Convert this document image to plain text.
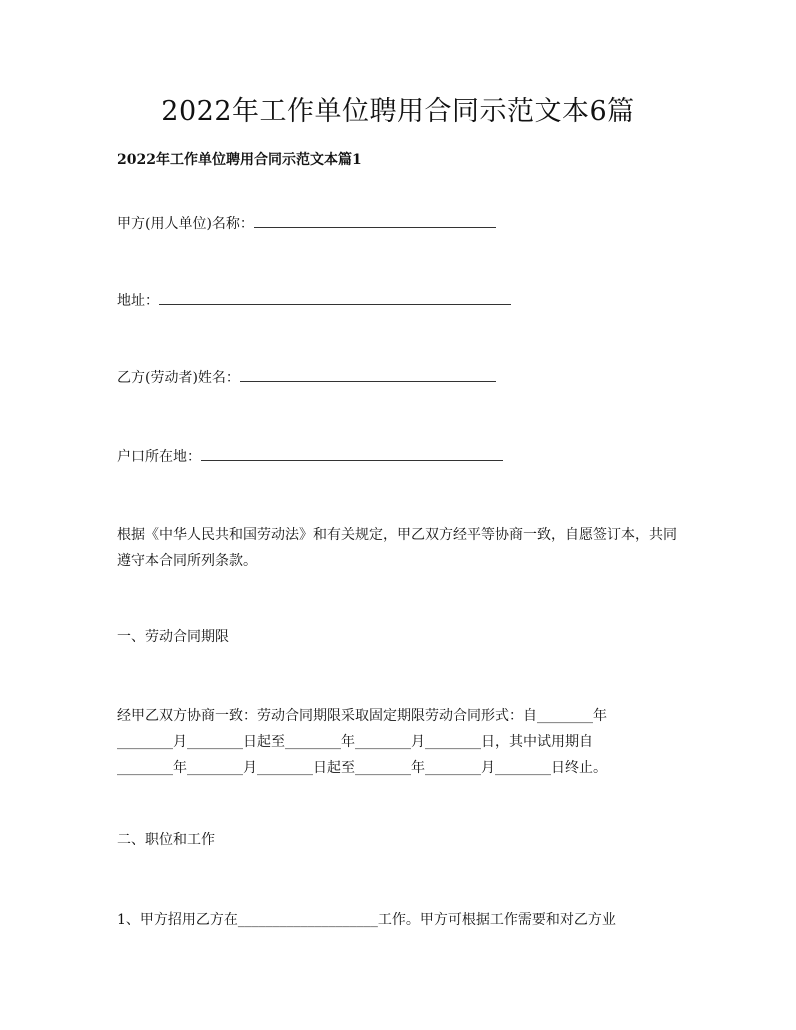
2022年工作单位聘用合同示范文本6篇
2022年工作单位聘用合同示范文本篇1
甲方(用人单位)名称：
地址：
乙方(劳动者)姓名：
户口所在地：

根据《中华人民共和国劳动法》和有关规定，甲乙双方经平等协商一致，自愿签订本，共同遵守本合同所列条款。

一、劳动合同期限

经甲乙双方协商一致：劳动合同期限采取固定期限劳动合同形式：自________年

________月________日起至________年________月________日，其中试用期自

________年________月________日起至________年________月________日终止。

二、职位和工作

1、甲方招用乙方在____________________工作。甲方可根据工作需要和对乙方业
